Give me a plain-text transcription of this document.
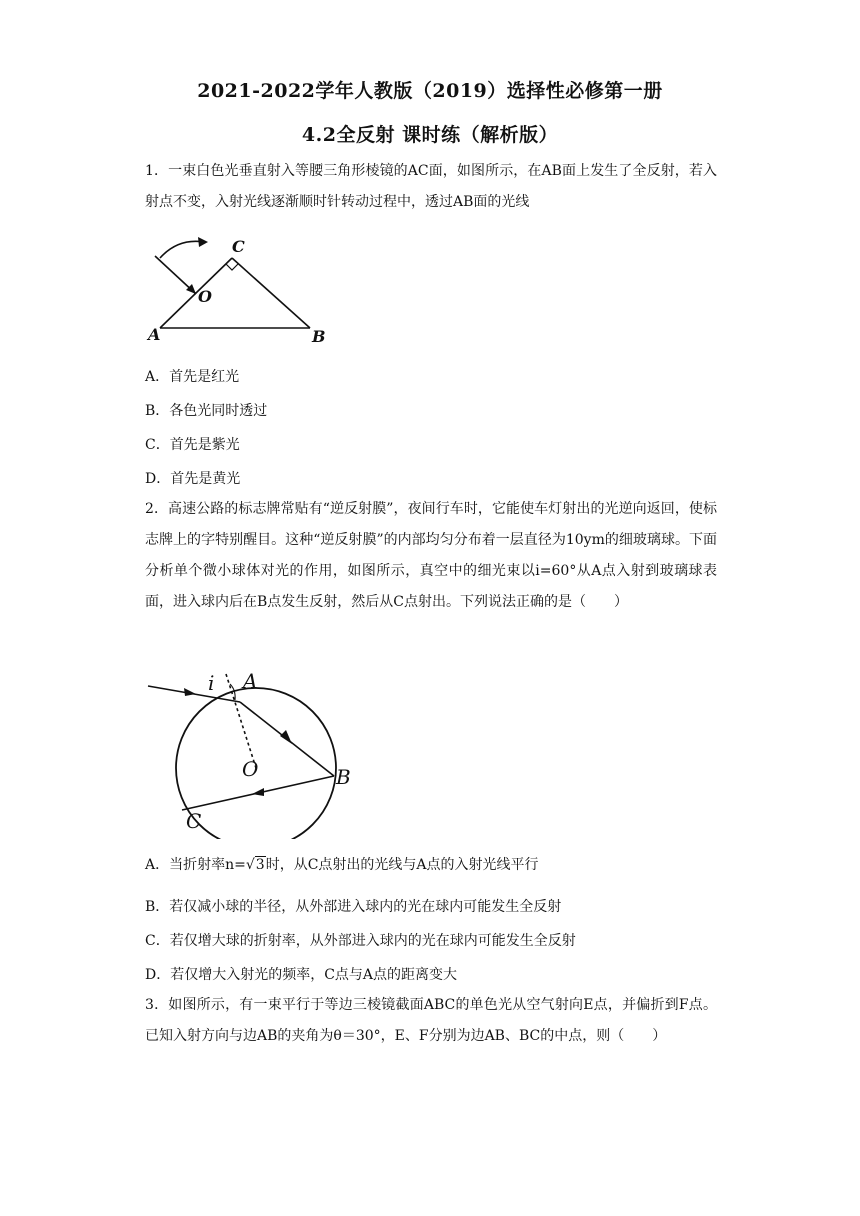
2021-2022学年人教版（2019）选择性必修第一册
4.2全反射 课时练（解析版）
1．一束白色光垂直射入等腰三角形棱镜的AC面，如图所示，在AB面上发生了全反射，若入射点不变，入射光线逐渐顺时针转动过程中，透过AB面的光线
A	B
C
O
A．首先是红光
B．各色光同时透过
C．首先是紫光
D．首先是黄光
2．高速公路的标志牌常贴有“逆反射膜”，夜间行车时，它能使车灯射出的光逆向返回，使标志牌上的字特别醒目。这种“逆反射膜”的内部均匀分布着一层直径为10ym的细玻璃球。下面分析单个微小球体对光的作用，如图所示，真空中的细光束以i=60°从A点入射到玻璃球表面，进入球内后在B点发生反射，然后从C点射出。下列说法正确的是（　　）
i A
O	B
C
A．当折射率n=√3时，从C点射出的光线与A点的入射光线平行
B．若仅减小球的半径，从外部进入球内的光在球内可能发生全反射
C．若仅增大球的折射率，从外部进入球内的光在球内可能发生全反射
D．若仅增大入射光的频率，C点与A点的距离变大
3．如图所示，有一束平行于等边三棱镜截面ABC的单色光从空气射向E点，并偏折到F点。已知入射方向与边AB的夹角为θ＝30°，E、F分别为边AB、BC的中点，则（　　）
